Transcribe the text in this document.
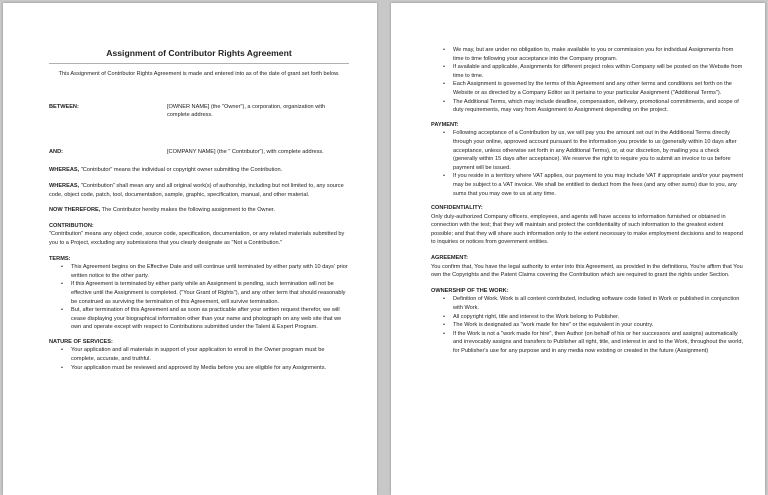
Assignment of Contributor Rights Agreement

This Assignment of Contributor Rights Agreement is made and entered into as of the date of grant set forth below.

BETWEEN:	[OWNER NAME] (the "Owner"), a corporation, organization with complete address.
AND:	[COMPANY NAME] (the " Contributor"), with complete address.

WHEREAS, "Contributor" means the individual or copyright owner submitting the Contribution.

WHEREAS, "Contribution" shall mean any and all original work(s) of authorship, including but not limited to, any source code, object code, patch, tool, documentation, sample, graphic, specification, manual, and other material.

NOW THEREFORE, The Contributor hereby makes the following assignment to the Owner.

CONTRIBUTION:

"Contribution" means any object code, source code, specification, documentation, or any related materials submitted by you to a Project, excluding any submissions that you clearly designate as "Not a Contribution."

TERMS:
• This Agreement begins on the Effective Date and will continue until terminated by either party with 10 days' prior written notice to the other party.
• If this Agreement is terminated by either party while an Assignment is pending, such termination will not be effective until the Assignment is completed. ("Your Grant of Rights"), and any other term that should reasonably be construed as surviving the termination of this Agreement, will survive termination.
• But, after termination of this Agreement and as soon as practicable after your written request therefor, we will cease displaying your biographical information other than your name and photograph on any web site that we own and operate except with respect to Contributions submitted under the Talent & Expert Program.
NATURE OF SERVICES:
• Your application and all materials in support of your application to enroll in the Owner program must be complete, accurate, and truthful.
• Your application must be reviewed and approved by Media before you are eligible for any Assignments.
• We may, but are under no obligation to, make available to you or commission you for individual Assignments from time to time following your acceptance into the Company program.
• If available and applicable, Assignments for different project roles within Company will be posted on the Website from time to time.
• Each Assignment is governed by the terms of this Agreement and any other terms and conditions set forth on the Website or as directed by a Company Editor as it pertains to your particular Assignment ("Additional Terms").
• The Additional Terms, which may include deadline, compensation, delivery, promotional commitments, and scope of duty requirements, may vary from Assignment to Assignment depending on the project.
PAYMENT:
• Following acceptance of a Contribution by us, we will pay you the amount set out in the Additional Terms directly through your online, approved account pursuant to the information you provide to us (generally within 10 days after acceptance, unless otherwise set forth in any Additional Terms), or, at our discretion, by mailing you a check (generally within 15 days after acceptance). We reserve the right to require you to submit an invoice to us before payment will be issued.
• If you reside in a territory where VAT applies, our payment to you may include VAT if appropriate and/or your payment may be subject to a VAT invoice. We shall be entitled to deduct from the fees (and any other sums) due to you, any sums that you may owe to us at any time.
CONFIDENTIALITY:

Only duly-authorized Company officers, employees, and agents will have access to information furnished or obtained in connection with the test; that they will maintain and protect the confidentiality of such information to the greatest extent possible; and that they will share such information only to the extent necessary to make employment decisions and to respond to inquiries or notices from government entities.

AGREEMENT:

You confirm that, You have the legal authority to enter into this Agreement, as provided in the definitions, You're affirm that You own the Copyrights and the Patent Claims covering the Contribution which are required to grant the rights under Section.

OWNERSHIP OF THE WORK:
• Definition of Work. Work is all content contributed, including software code listed in Work or published in conjunction with Work.
• All copyright right, title and interest to the Work belong to Publisher.
• The Work is designated as "work made for hire" or the equivalent in your country.
• If the Work is not a "work made for hire", then Author (on behalf of his or her successors and assigns) automatically and irrevocably assigns and transfers to Publisher all right, title, and interest in and to the Work, throughout the world, for Publisher's use for any purpose and in any media now existing or created in the future (Assignment)
